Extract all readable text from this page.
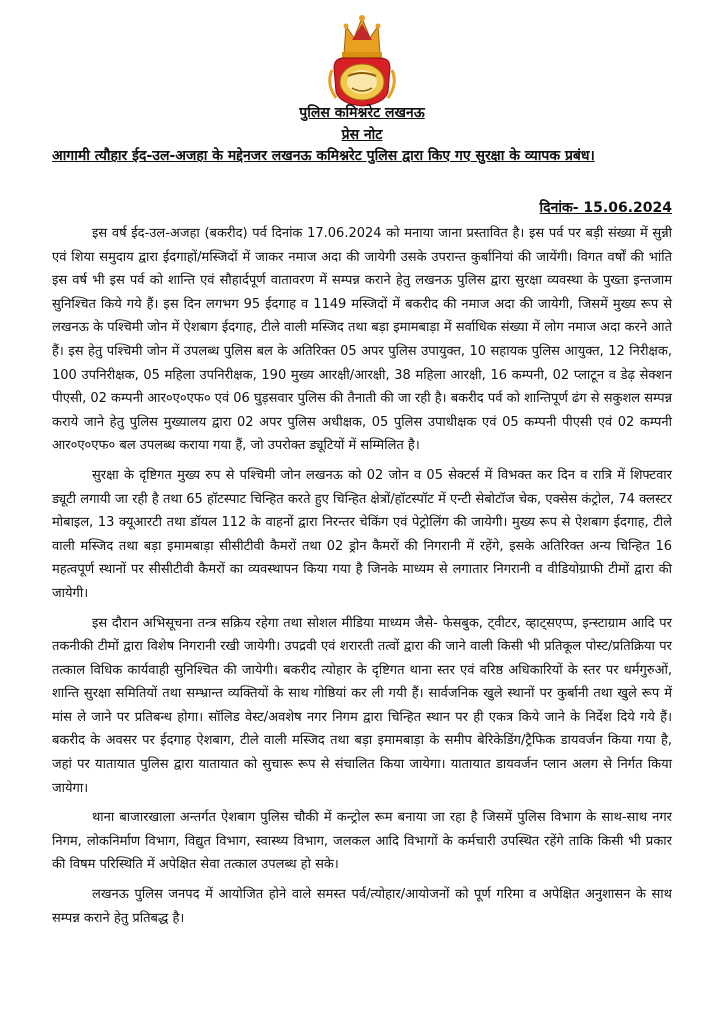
पुलिस कमिश्नरेट लखनऊ

प्रेस नोट

आगामी त्यौहार ईद-उल-अजहा के मद्देनजर लखनऊ कमिश्नरेट पुलिस द्वारा किए गए सुरक्षा के व्यापक प्रबंध।

दिनांक- 15.06.2024

इस वर्ष ईद-उल-अजहा (बकरीद) पर्व दिनांक 17.06.2024 को मनाया जाना प्रस्तावित है। इस पर्व पर बड़ी संख्या में सुन्नी एवं शिया समुदाय द्वारा ईदगाहों/मस्जिदों में जाकर नमाज अदा की जायेगी उसके उपरान्त कुर्बानियां की जायेंगी। विगत वर्षों की भांति इस वर्ष भी इस पर्व को शान्ति एवं सौहार्दपूर्ण वातावरण में सम्पन्न कराने हेतु लखनऊ पुलिस द्वारा सुरक्षा व्यवस्था के पुख्ता इन्तजाम सुनिश्चित किये गये हैं। इस दिन लगभग 95 ईदगाह व 1149 मस्जिदों में बकरीद की नमाज अदा की जायेगी, जिसमें मुख्य रूप से लखनऊ के पश्चिमी जोन में ऐशबाग ईदगाह, टीले वाली मस्जिद तथा बड़ा इमामबाड़ा में सर्वाधिक संख्या में लोग नमाज अदा करने आते हैं। इस हेतु पश्चिमी जोन में उपलब्ध पुलिस बल के अतिरिक्त 05 अपर पुलिस उपायुक्त, 10 सहायक पुलिस आयुक्त, 12 निरीक्षक, 100 उपनिरीक्षक, 05 महिला उपनिरीक्षक, 190 मुख्य आरक्षी/आरक्षी, 38 महिला आरक्षी, 16 कम्पनी, 02 प्लाटून व डेढ़ सेक्शन पीएसी, 02 कम्पनी आर०ए०एफ० एवं 06 घुड़सवार पुलिस की तैनाती की जा रही है। बकरीद पर्व को शान्तिपूर्ण ढंग से सकुशल सम्पन्न कराये जाने हेतु पुलिस मुख्यालय द्वारा 02 अपर पुलिस अधीक्षक, 05 पुलिस उपाधीक्षक एवं 05 कम्पनी पीएसी एवं 02 कम्पनी आर०ए०एफ० बल उपलब्ध कराया गया हैं, जो उपरोक्त ड्यूटियों में सम्मिलित है।

सुरक्षा के दृष्टिगत मुख्य रुप से पश्चिमी जोन लखनऊ को 02 जोन व 05 सेक्टर्स में विभक्त कर दिन व रात्रि में शिफ्टवार ड्यूटी लगायी जा रही है तथा 65 हॉटस्पाट चिन्हित करते हुए चिन्हित क्षेत्रों/हॉटस्पॉट में एन्टी सेबोटॉज चेक, एक्सेस कंट्रोल, 74 क्लस्टर मोबाइल, 13 क्यूआरटी तथा डॉयल 112 के वाहनों द्वारा निरन्तर चेकिंग एवं पेट्रोलिंग की जायेगी। मुख्य रूप से ऐशबाग ईदगाह, टीले वाली मस्जिद तथा बड़ा इमामबाड़ा सीसीटीवी कैमरों तथा 02 ड्रोन कैमरों की निगरानी में रहेंगे, इसके अतिरिक्त अन्य चिन्हित 16 महत्वपूर्ण स्थानों पर सीसीटीवी कैमरों का व्यवस्थापन किया गया है जिनके माध्यम से लगातार निगरानी व वीडियोग्राफी टीमों द्वारा की जायेगी।

इस दौरान अभिसूचना तन्त्र सक्रिय रहेगा तथा सोशल मीडिया माध्यम जैसे- फेसबुक, ट्वीटर, व्हाट्सएप्प, इन्स्टाग्राम आदि पर तकनीकी टीमों द्वारा विशेष निगरानी रखी जायेगी। उपद्रवी एवं शरारती तत्वों द्वारा की जाने वाली किसी भी प्रतिकूल पोस्ट/प्रतिक्रिया पर तत्काल विधिक कार्यवाही सुनिश्चित की जायेगी। बकरीद त्योहार के दृष्टिगत थाना स्तर एवं वरिष्ठ अधिकारियों के स्तर पर धर्मगुरुओं, शान्ति सुरक्षा समितियों तथा सम्भ्रान्त व्यक्तियों के साथ गोष्ठियां कर ली गयी हैं। सार्वजनिक खुले स्थानों पर कुर्बानी तथा खुले रूप में मांस ले जाने पर प्रतिबन्ध होगा। सॉलिड वेस्ट/अवशेष नगर निगम द्वारा चिन्हित स्थान पर ही एकत्र किये जाने के निर्देश दिये गये हैं। बकरीद के अवसर पर ईदगाह ऐशबाग, टीले वाली मस्जिद तथा बड़ा इमामबाड़ा के समीप बेरिकेडिंग/ट्रैफिक डायवर्जन किया गया है, जहां पर यातायात पुलिस द्वारा यातायात को सुचारू रूप से संचालित किया जायेगा। यातायात डायवर्जन प्लान अलग से निर्गत किया जायेगा।

थाना बाजारखाला अन्तर्गत ऐशबाग पुलिस चौकी में कन्ट्रोल रूम बनाया जा रहा है जिसमें पुलिस विभाग के साथ-साथ नगर निगम, लोकनिर्माण विभाग, विद्युत विभाग, स्वास्थ्य विभाग, जलकल आदि विभागों के कर्मचारी उपस्थित रहेंगे ताकि किसी भी प्रकार की विषम परिस्थिति में अपेक्षित सेवा तत्काल उपलब्ध हो सके।

लखनऊ पुलिस जनपद में आयोजित होने वाले समस्त पर्व/त्योहार/आयोजनों को पूर्ण गरिमा व अपेक्षित अनुशासन के साथ सम्पन्न कराने हेतु प्रतिबद्ध है।
